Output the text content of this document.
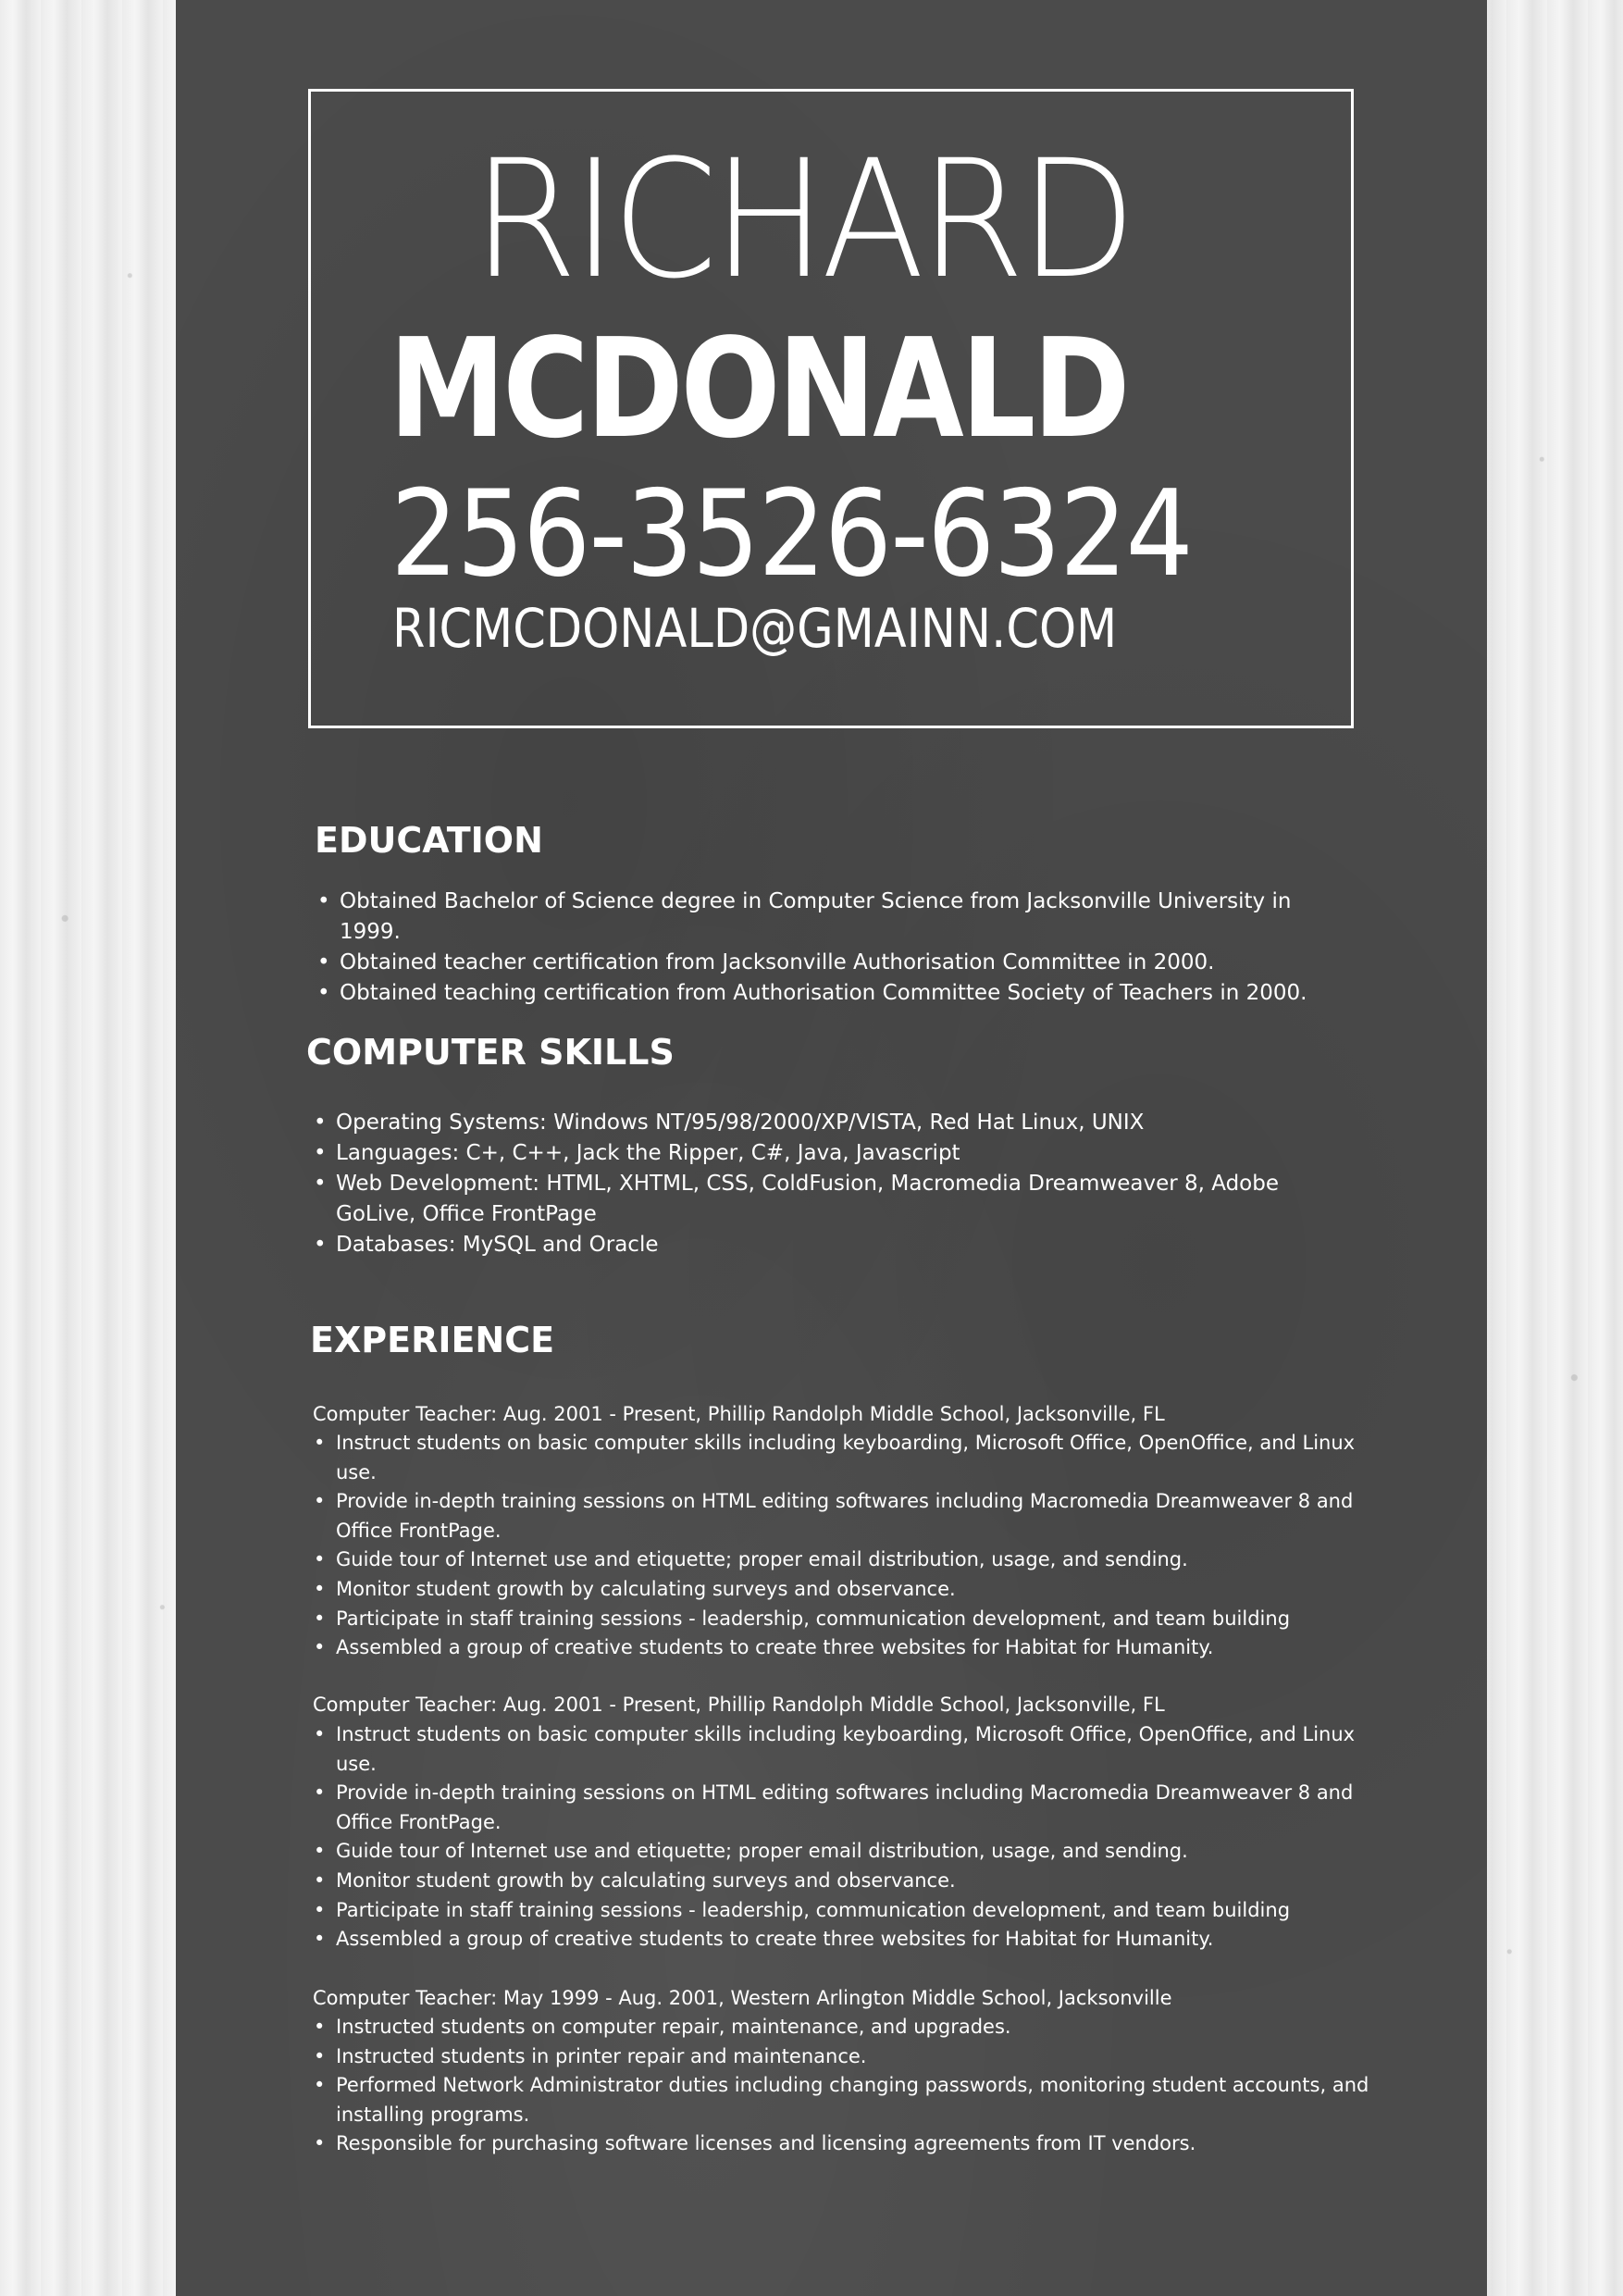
RICHARD
MCDONALD
256-3526-6324
RICMCDONALD@GMAINN.COM
EDUCATION
• Obtained Bachelor of Science degree in Computer Science from Jacksonville University in 1999.
• Obtained teacher certification from Jacksonville Authorisation Committee in 2000.
• Obtained teaching certification from Authorisation Committee Society of Teachers in 2000.
COMPUTER SKILLS
• Operating Systems: Windows NT/95/98/2000/XP/VISTA, Red Hat Linux, UNIX
• Languages: C+, C++, Jack the Ripper, C#, Java, Javascript
• Web Development: HTML, XHTML, CSS, ColdFusion, Macromedia Dreamweaver 8, Adobe GoLive, Office FrontPage
• Databases: MySQL and Oracle
EXPERIENCE

Computer Teacher: Aug. 2001 - Present, Phillip Randolph Middle School, Jacksonville, FL

• Instruct students on basic computer skills including keyboarding, Microsoft Office, OpenOffice, and Linux use.
• Provide in-depth training sessions on HTML editing softwares including Macromedia Dreamweaver 8 and Office FrontPage.
• Guide tour of Internet use and etiquette; proper email distribution, usage, and sending.
• Monitor student growth by calculating surveys and observance.
• Participate in staff training sessions - leadership, communication development, and team building
• Assembled a group of creative students to create three websites for Habitat for Humanity.

Computer Teacher: Aug. 2001 - Present, Phillip Randolph Middle School, Jacksonville, FL

• Instruct students on basic computer skills including keyboarding, Microsoft Office, OpenOffice, and Linux use.
• Provide in-depth training sessions on HTML editing softwares including Macromedia Dreamweaver 8 and Office FrontPage.
• Guide tour of Internet use and etiquette; proper email distribution, usage, and sending.
• Monitor student growth by calculating surveys and observance.
• Participate in staff training sessions - leadership, communication development, and team building
• Assembled a group of creative students to create three websites for Habitat for Humanity.

Computer Teacher: May 1999 - Aug. 2001, Western Arlington Middle School, Jacksonville

• Instructed students on computer repair, maintenance, and upgrades.
• Instructed students in printer repair and maintenance.
• Performed Network Administrator duties including changing passwords, monitoring student accounts, and installing programs.
• Responsible for purchasing software licenses and licensing agreements from IT vendors.
